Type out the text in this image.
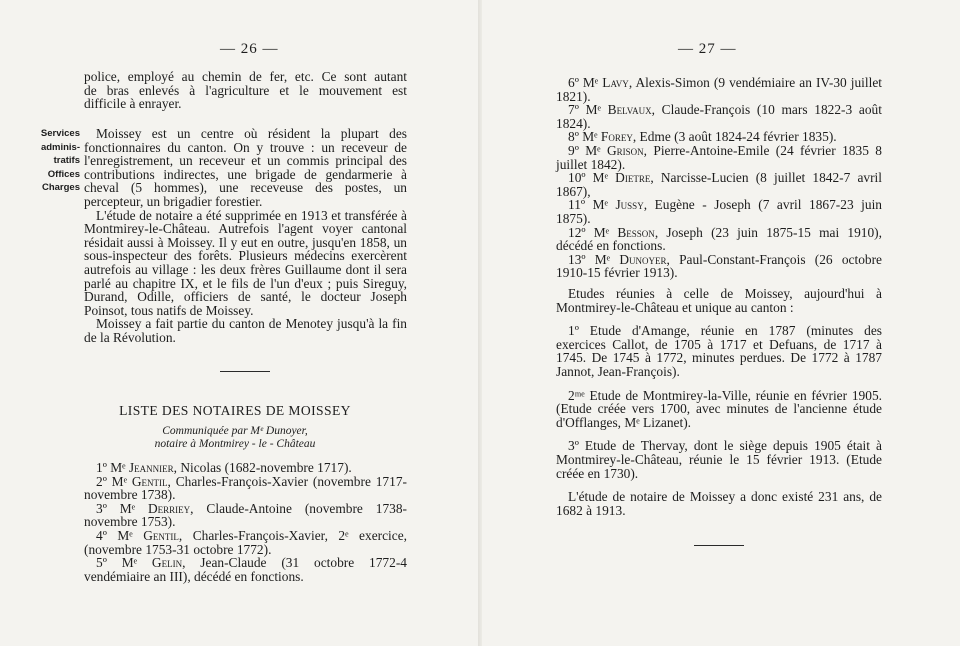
— 26 —

police, employé au chemin de fer, etc. Ce sont autant

de bras enlevés à l'agriculture et le mouvement est

difficile à enrayer.

Services
adminis-
tratifs
Offices
Charges

Moissey est un centre où résident la plupart des fonctionnaires du canton. On y trouve : un receveur de l'enregistrement, un receveur et un commis principal des contributions indirectes, une brigade de gendarmerie à cheval (5 hommes), une receveuse des postes, un percepteur, un brigadier forestier.

L'étude de notaire a été supprimée en 1913 et transférée à Montmirey-le-Château. Autrefois l'agent voyer cantonal résidait aussi à Moissey. Il y eut en outre, jusqu'en 1858, un sous-inspecteur des forêts. Plusieurs médecins exercèrent autrefois au village : les deux frères Guillaume dont il sera parlé au chapitre IX, et le fils de l'un d'eux ; puis Sireguy, Durand, Odille, officiers de santé, le docteur Joseph Poinsot, tous natifs de Moissey.

Moissey a fait partie du canton de Menotey jusqu'à la fin de la Révolution.

LISTE DES NOTAIRES DE MOISSEY
Communiquée par Mᵉ Dunoyer,
notaire à Montmirey - le - Château

1º Mᵉ Jeannier, Nicolas (1682-novembre 1717).

2º Mᵉ Gentil, Charles-François-Xavier (novembre 1717-novembre 1738).

3º Mᵉ Derriey, Claude-Antoine (novembre 1738-novembre 1753).

4º Mᵉ Gentil, Charles-François-Xavier, 2ᵉ exercice, (novembre 1753-31 octobre 1772).

5º Mᵉ Gelin, Jean-Claude (31 octobre 1772-4 vendémiaire an III), décédé en fonctions.

— 27 —

6º Mᵉ Lavy, Alexis-Simon (9 vendémiaire an IV-30 juillet 1821).

7º Mᵉ Belvaux, Claude-François (10 mars 1822-3 août 1824).

8º Mᵉ Forey, Edme (3 août 1824-24 février 1835).

9º Mᵉ Grison, Pierre-Antoine-Emile (24 février 1835 8 juillet 1842).

10º Mᵉ Dietre, Narcisse-Lucien (8 juillet 1842-7 avril 1867),

11º Mᵉ Jussy, Eugène - Joseph (7 avril 1867-23 juin 1875).

12º Mᵉ Besson, Joseph (23 juin 1875-15 mai 1910), décédé en fonctions.

13º Mᵉ Dunoyer, Paul-Constant-François (26 octobre 1910-15 février 1913).

Etudes réunies à celle de Moissey, aujourd'hui à Montmirey-le-Château et unique au canton :

1º Etude d'Amange, réunie en 1787 (minutes des exercices Callot, de 1705 à 1717 et Defuans, de 1717 à 1745. De 1745 à 1772, minutes perdues. De 1772 à 1787 Jannot, Jean-François).

2ᵐᵉ Etude de Montmirey-la-Ville, réunie en février 1905. (Etude créée vers 1700, avec minutes de l'ancienne étude d'Offlanges, Mᵉ Lizanet).

3º Etude de Thervay, dont le siège depuis 1905 était à Montmirey-le-Château, réunie le 15 février 1913. (Etude créée en 1730).

L'étude de notaire de Moissey a donc existé 231 ans, de 1682 à 1913.
